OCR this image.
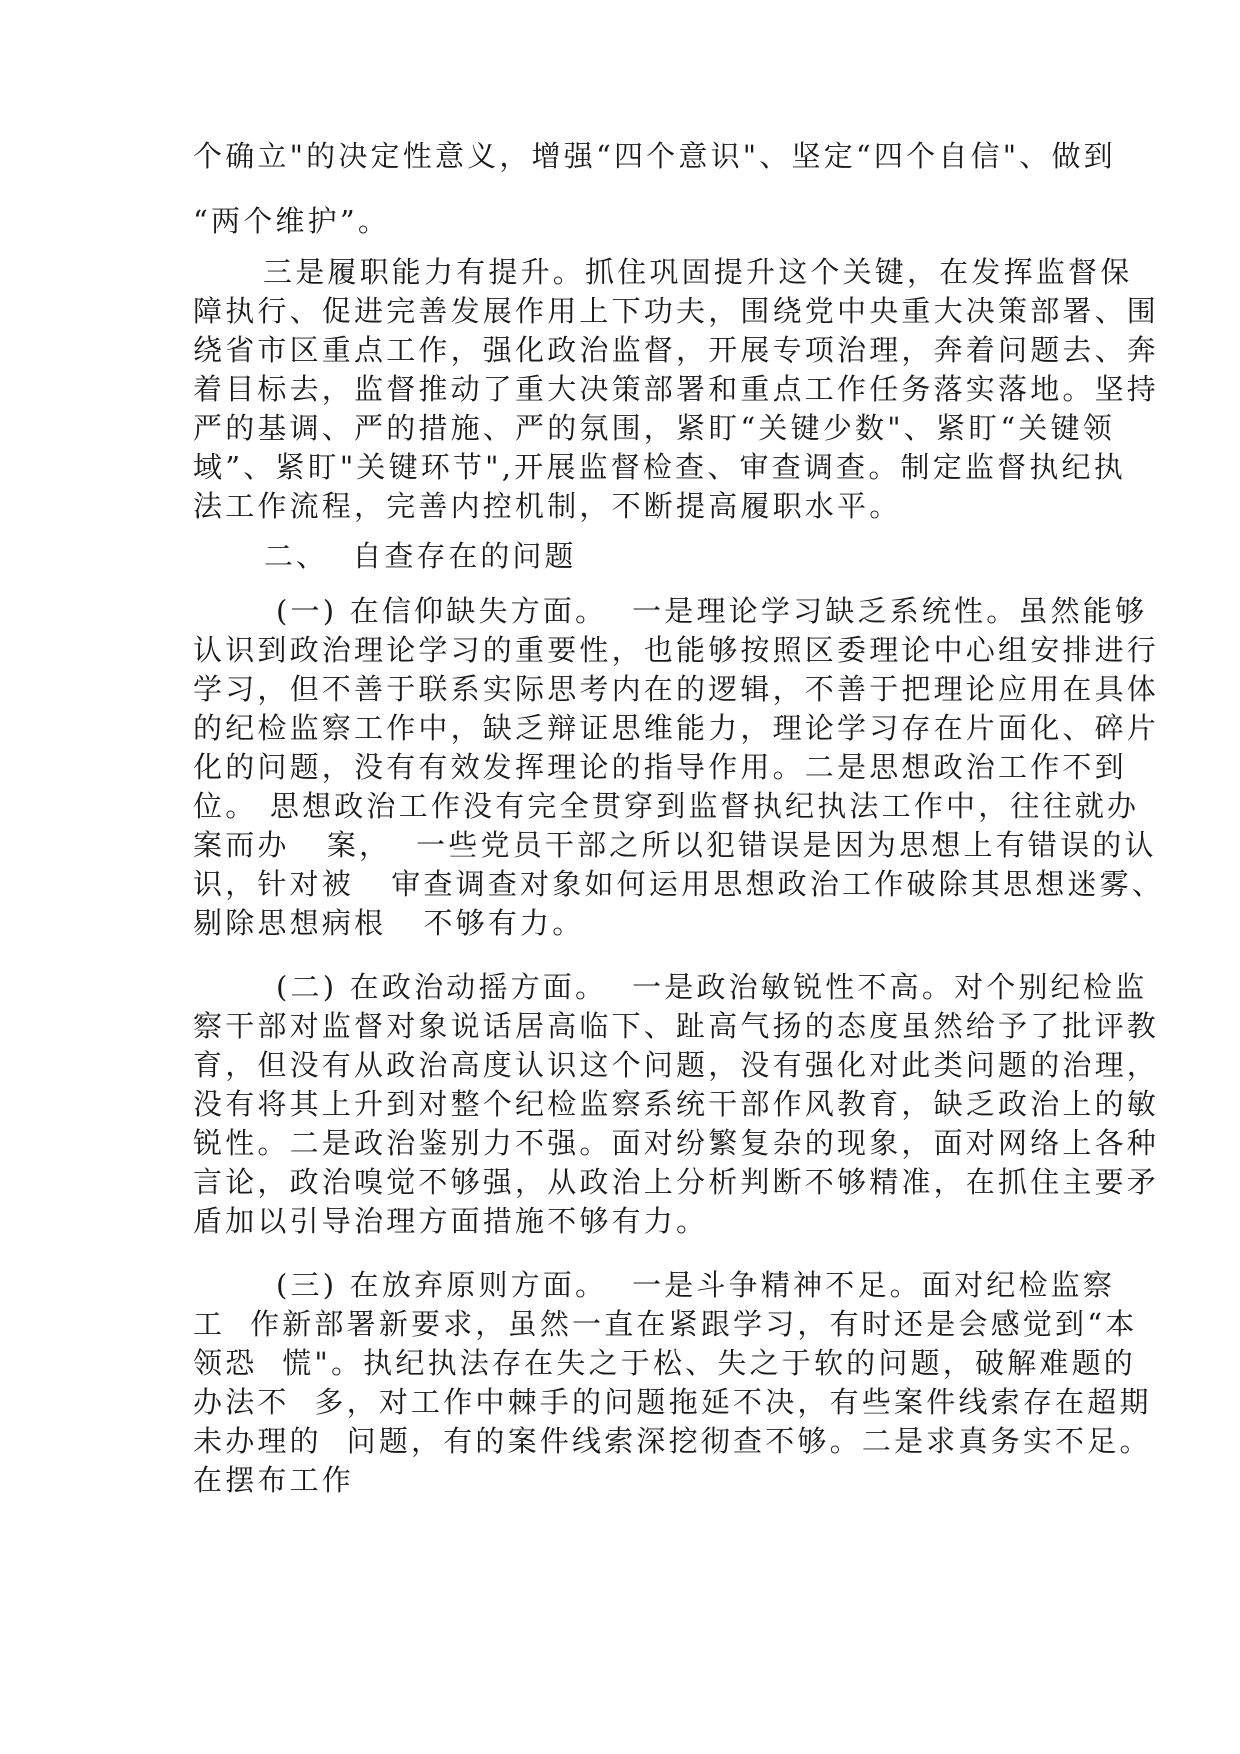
个确立"的决定性意义，增强“四个意识"、坚定“四个自信"、做到
“两个维护”。
三是履职能力有提升。抓住巩固提升这个关键，在发挥监督保
障执行、促进完善发展作用上下功夫，围绕党中央重大决策部署、围
绕省市区重点工作，强化政治监督，开展专项治理，奔着问题去、奔
着目标去，监督推动了重大决策部署和重点工作任务落实落地。坚持
严的基调、严的措施、严的氛围，紧盯“关键少数"、紧盯“关键领
域”、紧盯"关键环节",开展监督检查、审查调查。制定监督执纪执
法工作流程，完善内控机制，不断提高履职水平。
二、  自查存在的问题
(一) 在信仰缺失方面。  一是理论学习缺乏系统性。虽然能够
认识到政治理论学习的重要性，也能够按照区委理论中心组安排进行
学习，但不善于联系实际思考内在的逻辑，不善于把理论应用在具体
的纪检监察工作中，缺乏辩证思维能力，理论学习存在片面化、碎片
化的问题，没有有效发挥理论的指导作用。二是思想政治工作不到
位。 思想政治工作没有完全贯穿到监督执纪执法工作中，往往就办
案而办   案，  一些党员干部之所以犯错误是因为思想上有错误的认
识，针对被   审查调查对象如何运用思想政治工作破除其思想迷雾、
剔除思想病根   不够有力。
(二) 在政治动摇方面。  一是政治敏锐性不高。对个别纪检监
察干部对监督对象说话居高临下、趾高气扬的态度虽然给予了批评教
育，但没有从政治高度认识这个问题，没有强化对此类问题的治理，
没有将其上升到对整个纪检监察系统干部作风教育，缺乏政治上的敏
锐性。二是政治鉴别力不强。面对纷繁复杂的现象，面对网络上各种
言论，政治嗅觉不够强，从政治上分析判断不够精准，在抓住主要矛
盾加以引导治理方面措施不够有力。
(三) 在放弃原则方面。  一是斗争精神不足。面对纪检监察
工  作新部署新要求，虽然一直在紧跟学习，有时还是会感觉到“本
领恐  慌"。执纪执法存在失之于松、失之于软的问题，破解难题的
办法不  多，对工作中棘手的问题拖延不决，有些案件线索存在超期
未办理的  问题，有的案件线索深挖彻查不够。二是求真务实不足。
在摆布工作
